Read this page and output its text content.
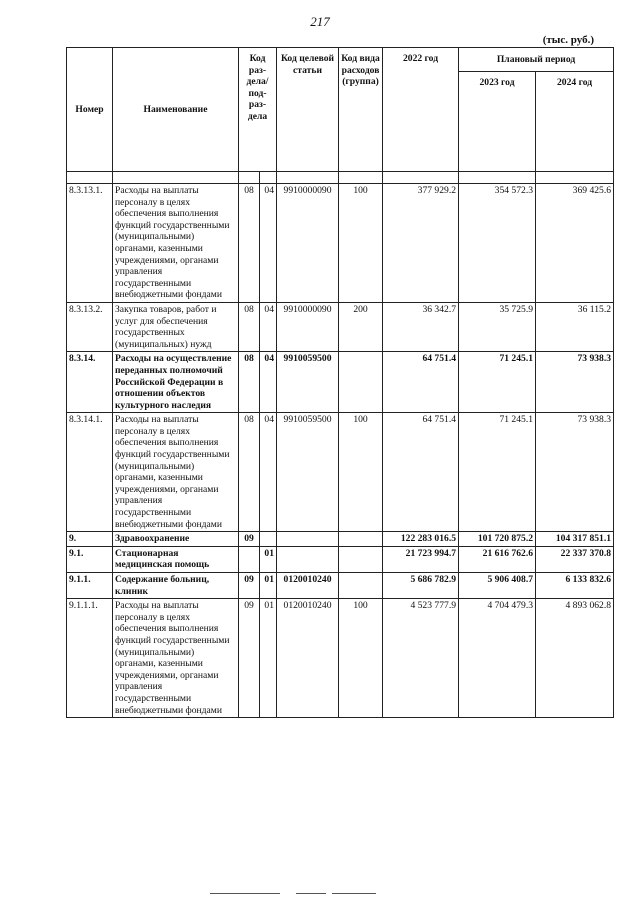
217
(тыс. руб.)
Номер	Наименование	Код раз-дела/ под-раз-дела		Код целевой статьи	Код вида расходов (группа)	2022 год	Плановый период	
							2023 год	2024 год

8.3.13.1.	Расходы на выплаты персоналу в целях обеспечения выполнения функций государственными (муниципальными) органами, казенными учреждениями, органами управления государственными внебюджетными фондами	08	04	9910000090	100	377 929.2	354 572.3	369 425.6
8.3.13.2.	Закупка товаров, работ и услуг для обеспечения государственных (муниципальных) нужд	08	04	9910000090	200	36 342.7	35 725.9	36 115.2
8.3.14.	Расходы на осуществление переданных полномочий Российской Федерации в отношении объектов культурного наследия	08	04	9910059500		64 751.4	71 245.1	73 938.3
8.3.14.1.	Расходы на выплаты персоналу в целях обеспечения выполнения функций государственными (муниципальными) органами, казенными учреждениями, органами управления государственными внебюджетными фондами	08	04	9910059500	100	64 751.4	71 245.1	73 938.3
9.	Здравоохранение	09				122 283 016.5	101 720 875.2	104 317 851.1
9.1.	Стационарная медицинская помощь		01			21 723 994.7	21 616 762.6	22 337 370.8
9.1.1.	Содержание больниц, клиник	09	01	0120010240		5 686 782.9	5 906 408.7	6 133 832.6
9.1.1.1.	Расходы на выплаты персоналу в целях обеспечения выполнения функций государственными (муниципальными) органами, казенными учреждениями, органами управления государственными внебюджетными фондами	09	01	0120010240	100	4 523 777.9	4 704 479.3	4 893 062.8
